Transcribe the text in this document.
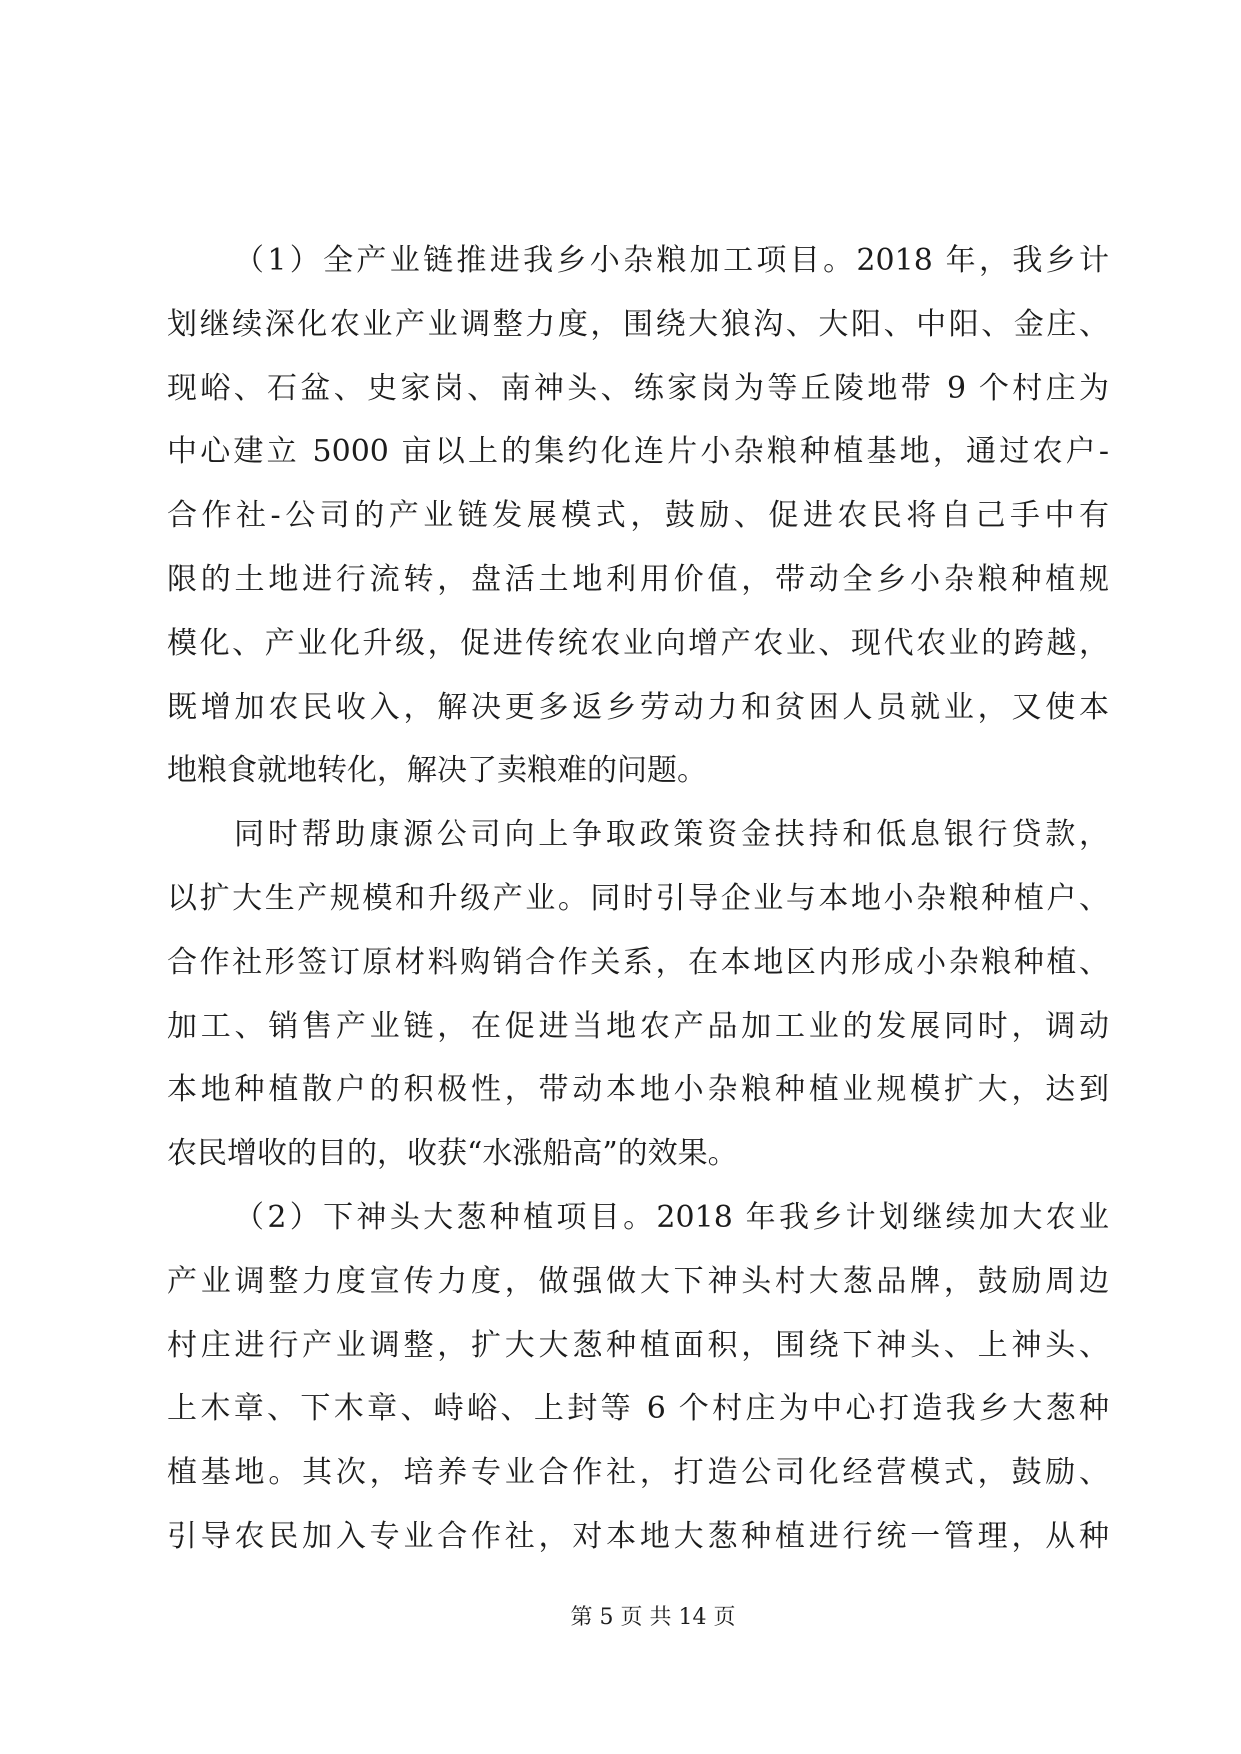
（1）全产业链推进我乡小杂粮加工项目。2018 年，我乡计
划继续深化农业产业调整力度，围绕大狼沟、大阳、中阳、金庄、
现峪、石盆、史家岗、南神头、练家岗为等丘陵地带 9 个村庄为
中心建立 5000 亩以上的集约化连片小杂粮种植基地，通过农户-
合作社-公司的产业链发展模式，鼓励、促进农民将自己手中有
限的土地进行流转，盘活土地利用价值，带动全乡小杂粮种植规
模化、产业化升级，促进传统农业向增产农业、现代农业的跨越，
既增加农民收入，解决更多返乡劳动力和贫困人员就业，又使本
地粮食就地转化，解决了卖粮难的问题。
同时帮助康源公司向上争取政策资金扶持和低息银行贷款，
以扩大生产规模和升级产业。同时引导企业与本地小杂粮种植户、
合作社形签订原材料购销合作关系，在本地区内形成小杂粮种植、
加工、销售产业链，在促进当地农产品加工业的发展同时，调动
本地种植散户的积极性，带动本地小杂粮种植业规模扩大，达到
农民增收的目的，收获“水涨船高”的效果。
（2）下神头大葱种植项目。2018 年我乡计划继续加大农业
产业调整力度宣传力度，做强做大下神头村大葱品牌，鼓励周边
村庄进行产业调整，扩大大葱种植面积，围绕下神头、上神头、
上木章、下木章、峙峪、上封等 6 个村庄为中心打造我乡大葱种
植基地。其次，培养专业合作社，打造公司化经营模式，鼓励、
引导农民加入专业合作社，对本地大葱种植进行统一管理，从种
第 5 页 共 14 页
